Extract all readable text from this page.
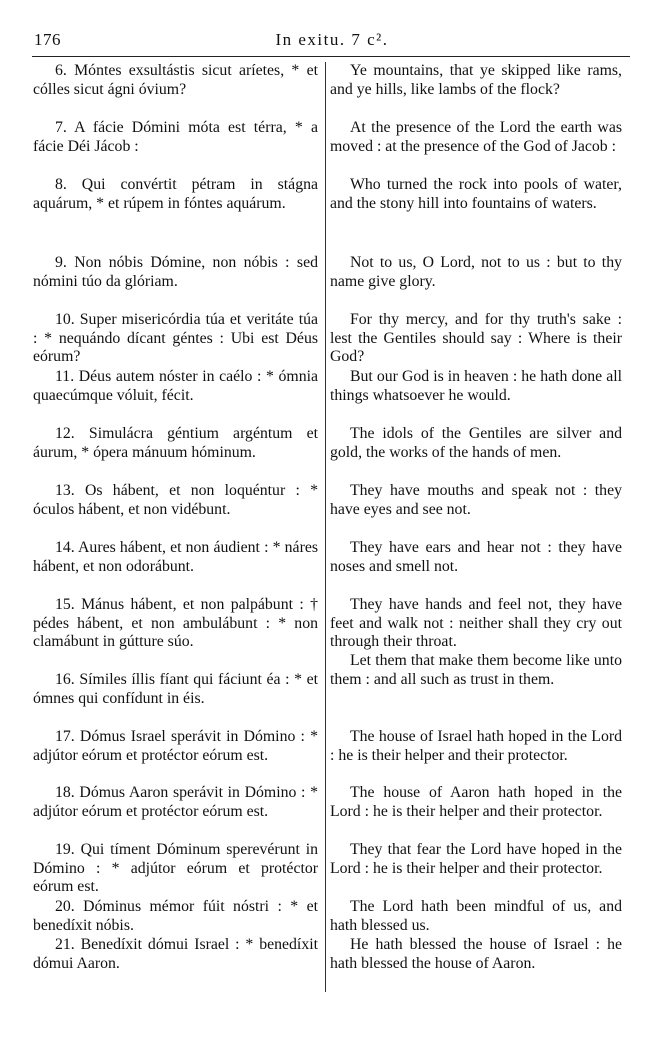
176	In exitu. 7 c².

6. Móntes exsultástis sicut aríetes, * et cólles sicut ágni óvium?

7. A fácie Dómini móta est térra, * a fácie Déi Jácob :

8. Qui convértit pétram in stágna aquárum, * et rúpem in fóntes aquárum.

9. Non nóbis Dómine, non nóbis : sed nómini túo da glóriam.

10. Super misericórdia túa et veritáte túa : * nequándo dícant géntes : Ubi est Déus eórum?

11. Déus autem nóster in caélo : * ómnia quaecúmque vóluit, fécit.

12. Simulácra géntium argéntum et áurum, * ópera mánuum hóminum.

13. Os hábent, et non loquéntur : * óculos hábent, et non vidébunt.

14. Aures hábent, et non áudient : * náres hábent, et non odorábunt.

15. Mánus hábent, et non palpábunt : † pédes hábent, et non ambulábunt : * non clamábunt in gútture súo.

16. Símiles íllis fíant qui fáciunt éa : * et ómnes qui confídunt in éis.

17. Dómus Israel sperávit in Dómino : * adjútor eórum et protéctor eórum est.

18. Dómus Aaron sperávit in Dómino : * adjútor eórum et protéctor eórum est.

19. Qui tíment Dóminum sperevérunt in Dómino : * adjútor eórum et protéctor eórum est.

20. Dóminus mémor fúit nóstri : * et benedíxit nóbis.

21. Benedíxit dómui Israel : * benedíxit dómui Aaron.

Ye mountains, that ye skipped like rams, and ye hills, like lambs of the flock?

At the presence of the Lord the earth was moved : at the presence of the God of Jacob :

Who turned the rock into pools of water, and the stony hill into fountains of waters.

Not to us, O Lord, not to us : but to thy name give glory.

For thy mercy, and for thy truth's sake : lest the Gentiles should say : Where is their God?

But our God is in heaven : he hath done all things whatsoever he would.

The idols of the Gentiles are silver and gold, the works of the hands of men.

They have mouths and speak not : they have eyes and see not.

They have ears and hear not : they have noses and smell not.

They have hands and feel not, they have feet and walk not : neither shall they cry out through their throat.

Let them that make them become like unto them : and all such as trust in them.

The house of Israel hath hoped in the Lord : he is their helper and their protector.

The house of Aaron hath hoped in the Lord : he is their helper and their protector.

They that fear the Lord have hoped in the Lord : he is their helper and their protector.

The Lord hath been mindful of us, and hath blessed us.

He hath blessed the house of Israel : he hath blessed the house of Aaron.
